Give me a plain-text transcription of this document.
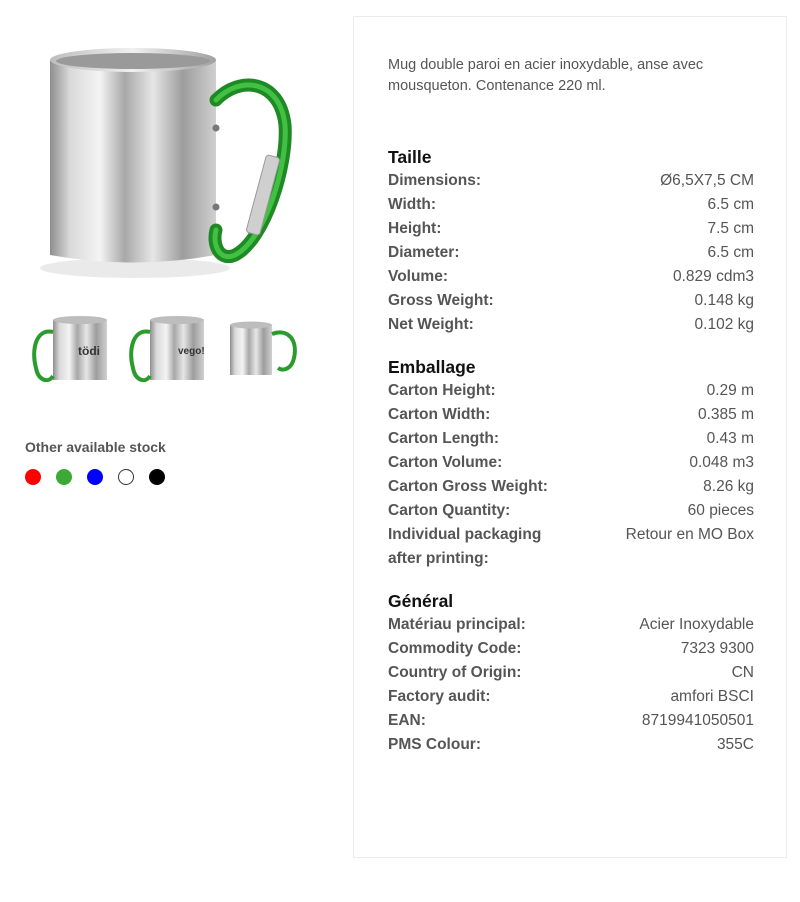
tödi	vego!
Other available stock
Mug double paroi en acier inoxydable, anse avec mousqueton. Contenance 220 ml.
Taille
Dimensions:	Ø6,5X7,5 CM
Width:	6.5 cm
Height:	7.5 cm
Diameter:	6.5 cm
Volume:	0.829 cdm3
Gross Weight:	0.148 kg
Net Weight:	0.102 kg
Emballage
Carton Height:	0.29 m
Carton Width:	0.385 m
Carton Length:	0.43 m
Carton Volume:	0.048 m3
Carton Gross Weight:	8.26 kg
Carton Quantity:	60 pieces
Individual packaging after printing:
Retour en MO Box
Général
Matériau principal:	Acier Inoxydable
Commodity Code:	7323 9300
Country of Origin:	CN
Factory audit:	amfori BSCI
EAN:	8719941050501
PMS Colour:	355C
